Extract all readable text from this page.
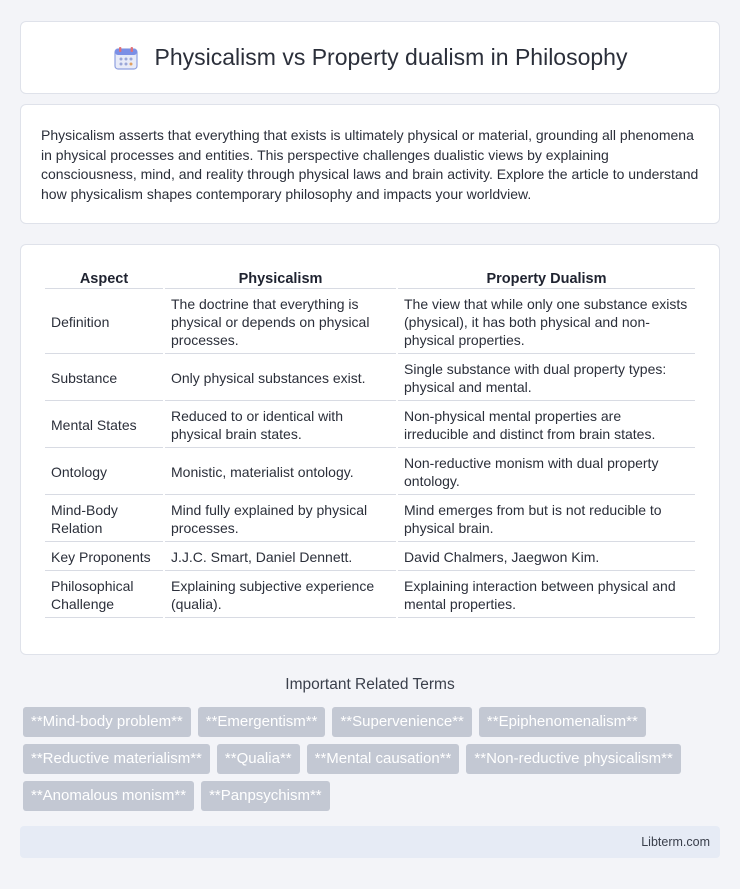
Physicalism vs Property dualism in Philosophy

Physicalism asserts that everything that exists is ultimately physical or material, grounding all phenomena in physical processes and entities. This perspective challenges dualistic views by explaining consciousness, mind, and reality through physical laws and brain activity. Explore the article to understand how physicalism shapes contemporary philosophy and impacts your worldview.

Aspect	Physicalism	Property Dualism
Definition	The doctrine that everything is physical or depends on physical processes.	The view that while only one substance exists (physical), it has both physical and non-physical properties.
Substance	Only physical substances exist.	Single substance with dual property types: physical and mental.
Mental States	Reduced to or identical with physical brain states.	Non-physical mental properties are irreducible and distinct from brain states.
Ontology	Monistic, materialist ontology.	Non-reductive monism with dual property ontology.
Mind-Body Relation	Mind fully explained by physical processes.	Mind emerges from but is not reducible to physical brain.
Key Proponents	J.J.C. Smart, Daniel Dennett.	David Chalmers, Jaegwon Kim.
Philosophical Challenge	Explaining subjective experience (qualia).	Explaining interaction between physical and mental properties.
Important Related Terms
**Mind-body problem**	**Emergentism**	**Supervenience**	**Epiphenomenalism**
**Reductive materialism**	**Qualia**	**Mental causation**	**Non-reductive physicalism**
**Anomalous monism**	**Panpsychism**
Libterm.com
